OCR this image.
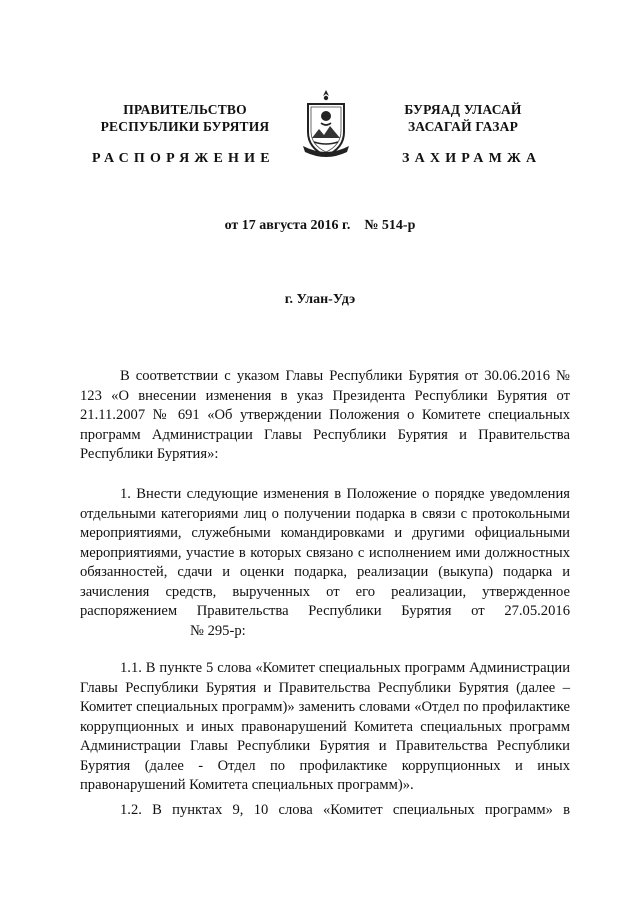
ПРАВИТЕЛЬСТВО
РЕСПУБЛИКИ БУРЯТИЯ
РАСПОРЯЖЕНИЕ
БУРЯАД УЛАСАЙ
ЗАСАГАЙ ГАЗАР
ЗАХИРАМЖА
от 17 августа 2016 г. № 514-р
г. Улан-Удэ

В соответствии с указом Главы Республики Бурятия от 30.06.2016 № 123 «О внесении изменения в указ Президента Республики Бурятия от 21.11.2007 № 691 «Об утверждении Положения о Комитете специальных программ Администрации Главы Республики Бурятия и Правительства Республики Бурятия»:

1. Внести следующие изменения в Положение о порядке уведомления отдельными категориями лиц о получении подарка в связи с протокольными мероприятиями, служебными командировками и другими официальными мероприятиями, участие в которых связано с исполнением ими должностных обязанностей, сдачи и оценки подарка, реализации (выкупа) подарка и зачисления средств, вырученных от его реализации, утвержденное распоряжением Правительства Республики Бурятия от 27.05.2016№ 295-р:

1.1. В пункте 5 слова «Комитет специальных программ Администрации Главы Республики Бурятия и Правительства Республики Бурятия (далее – Комитет специальных программ)» заменить словами «Отдел по профилактике коррупционных и иных правонарушений Комитета специальных программ Администрации Главы Республики Бурятия и Правительства Республики Бурятия (далее - Отдел по профилактике коррупционных и иных правонарушений Комитета специальных программ)».

1.2. В пунктах 9, 10 слова «Комитет специальных программ» в
